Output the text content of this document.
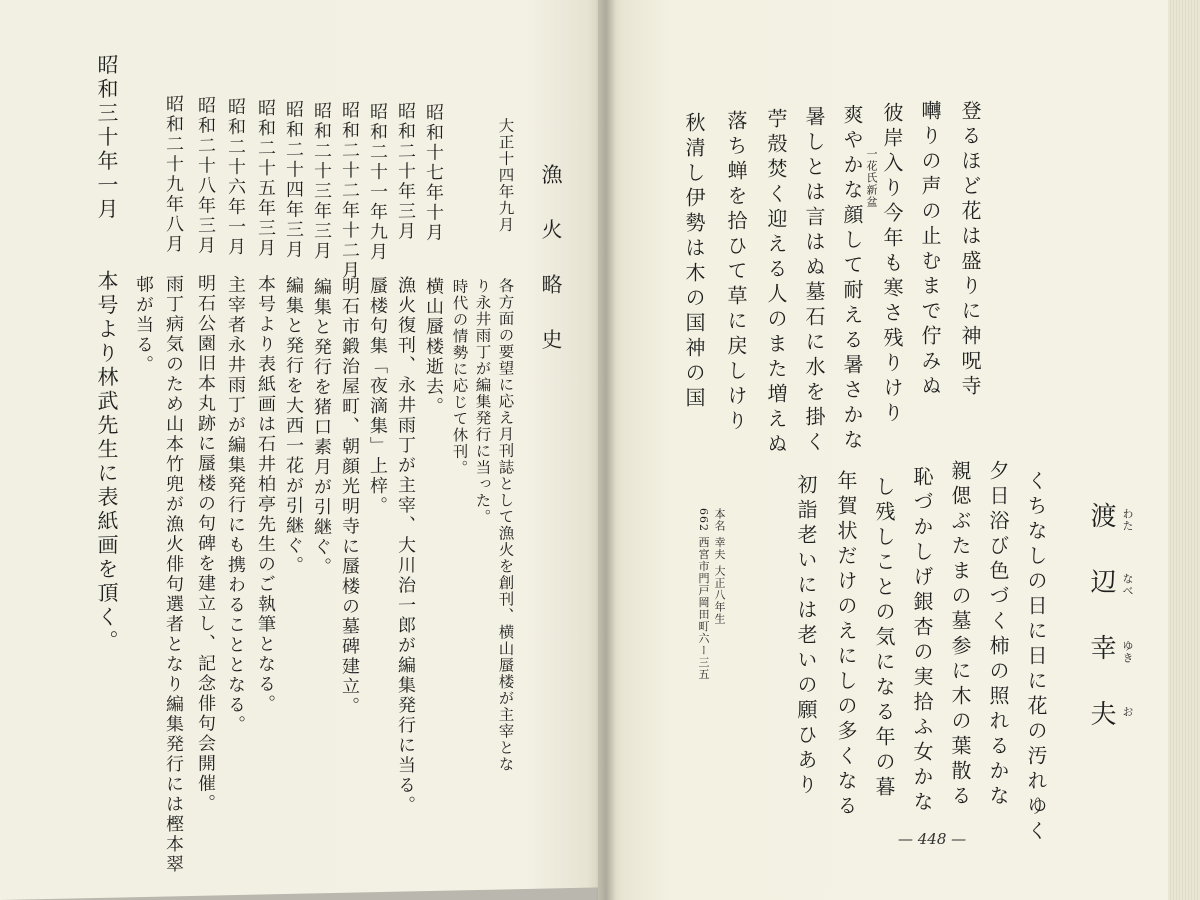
漁火略史
大正十四年九月
各方面の要望に応え月刊誌として漁火を創刊、横山蜃楼が主宰とな
り永井雨丁が編集発行に当った。
時代の情勢に応じて休刊。
昭和十七年十月
横山蜃楼逝去。
昭和二十年三月
漁火復刊、永井雨丁が主宰、大川治一郎が編集発行に当る。
昭和二十一年九月
蜃楼句集「夜滴集」上梓。
昭和二十二年十二月
明石市鍛治屋町、朝顔光明寺に蜃楼の墓碑建立。
昭和二十三年三月
編集と発行を猪口素月が引継ぐ。
昭和二十四年三月
編集と発行を大西一花が引継ぐ。
昭和二十五年三月
本号より表紙画は石井柏亭先生のご執筆となる。
昭和二十六年一月
主宰者永井雨丁が編集発行にも携わることとなる。
昭和二十八年三月
明石公園旧本丸跡に蜃楼の句碑を建立し、記念俳句会開催。
昭和二十九年八月
雨丁病気のため山本竹兜が漁火俳句選者となり編集発行には樫本翠
邨が当る。
昭和三十年一月
本号より林武先生に表紙画を頂く。
登るほど花は盛りに神呪寺
囀りの声の止むまで佇みぬ
彼岸入り今年も寒さ残りけり
一花氏新盆
爽やかな顔して耐える暑さかな
暑しとは言はぬ墓石に水を掛く
苧殻焚く迎える人のまた増えぬ
落ち蝉を拾ひて草に戻しけり
秋清し伊勢は木の国神の国
渡辺幸夫 わた
なべ
ゆき
お
本名 幸夫 大正八年生
662 西宮市門戸岡田町六ー三五	くちなしの日に日に花の汚れゆく
夕日浴び色づく柿の照れるかな
親偲ぶたまの墓参に木の葉散る
恥づかしげ銀杏の実拾ふ女かな
し残しことの気になる年の暮
年賀状だけのえにしの多くなる
初詣老いには老いの願ひあり
— 448 —
